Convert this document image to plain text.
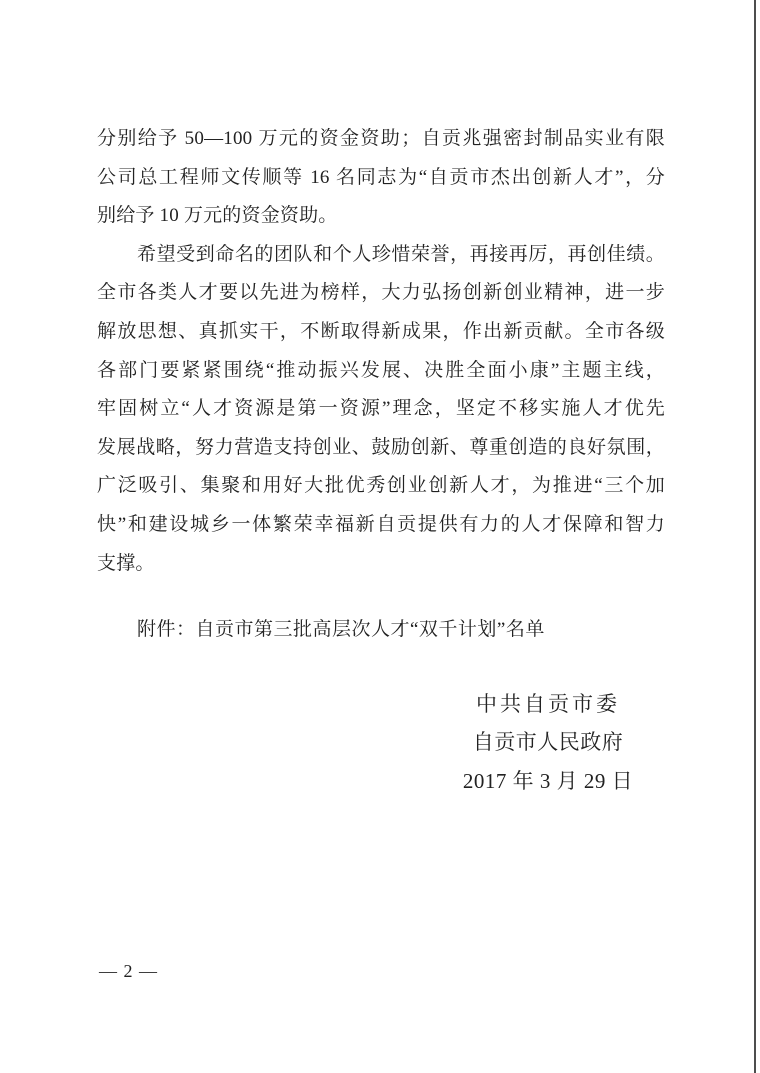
分别给予 50—100 万元的资金资助；自贡兆强密封制品实业有限
公司总工程师文传顺等 16 名同志为“自贡市杰出创新人才”，分
别给予 10 万元的资金资助。
希望受到命名的团队和个人珍惜荣誉，再接再厉，再创佳绩。
全市各类人才要以先进为榜样，大力弘扬创新创业精神，进一步
解放思想、真抓实干，不断取得新成果，作出新贡献。全市各级
各部门要紧紧围绕“推动振兴发展、决胜全面小康”主题主线，
牢固树立“人才资源是第一资源”理念，坚定不移实施人才优先
发展战略，努力营造支持创业、鼓励创新、尊重创造的良好氛围，
广泛吸引、集聚和用好大批优秀创业创新人才，为推进“三个加
快”和建设城乡一体繁荣幸福新自贡提供有力的人才保障和智力
支撑。
附件：自贡市第三批高层次人才“双千计划”名单
中共自贡市委
自贡市人民政府
2017 年 3 月 29 日
— 2 —
